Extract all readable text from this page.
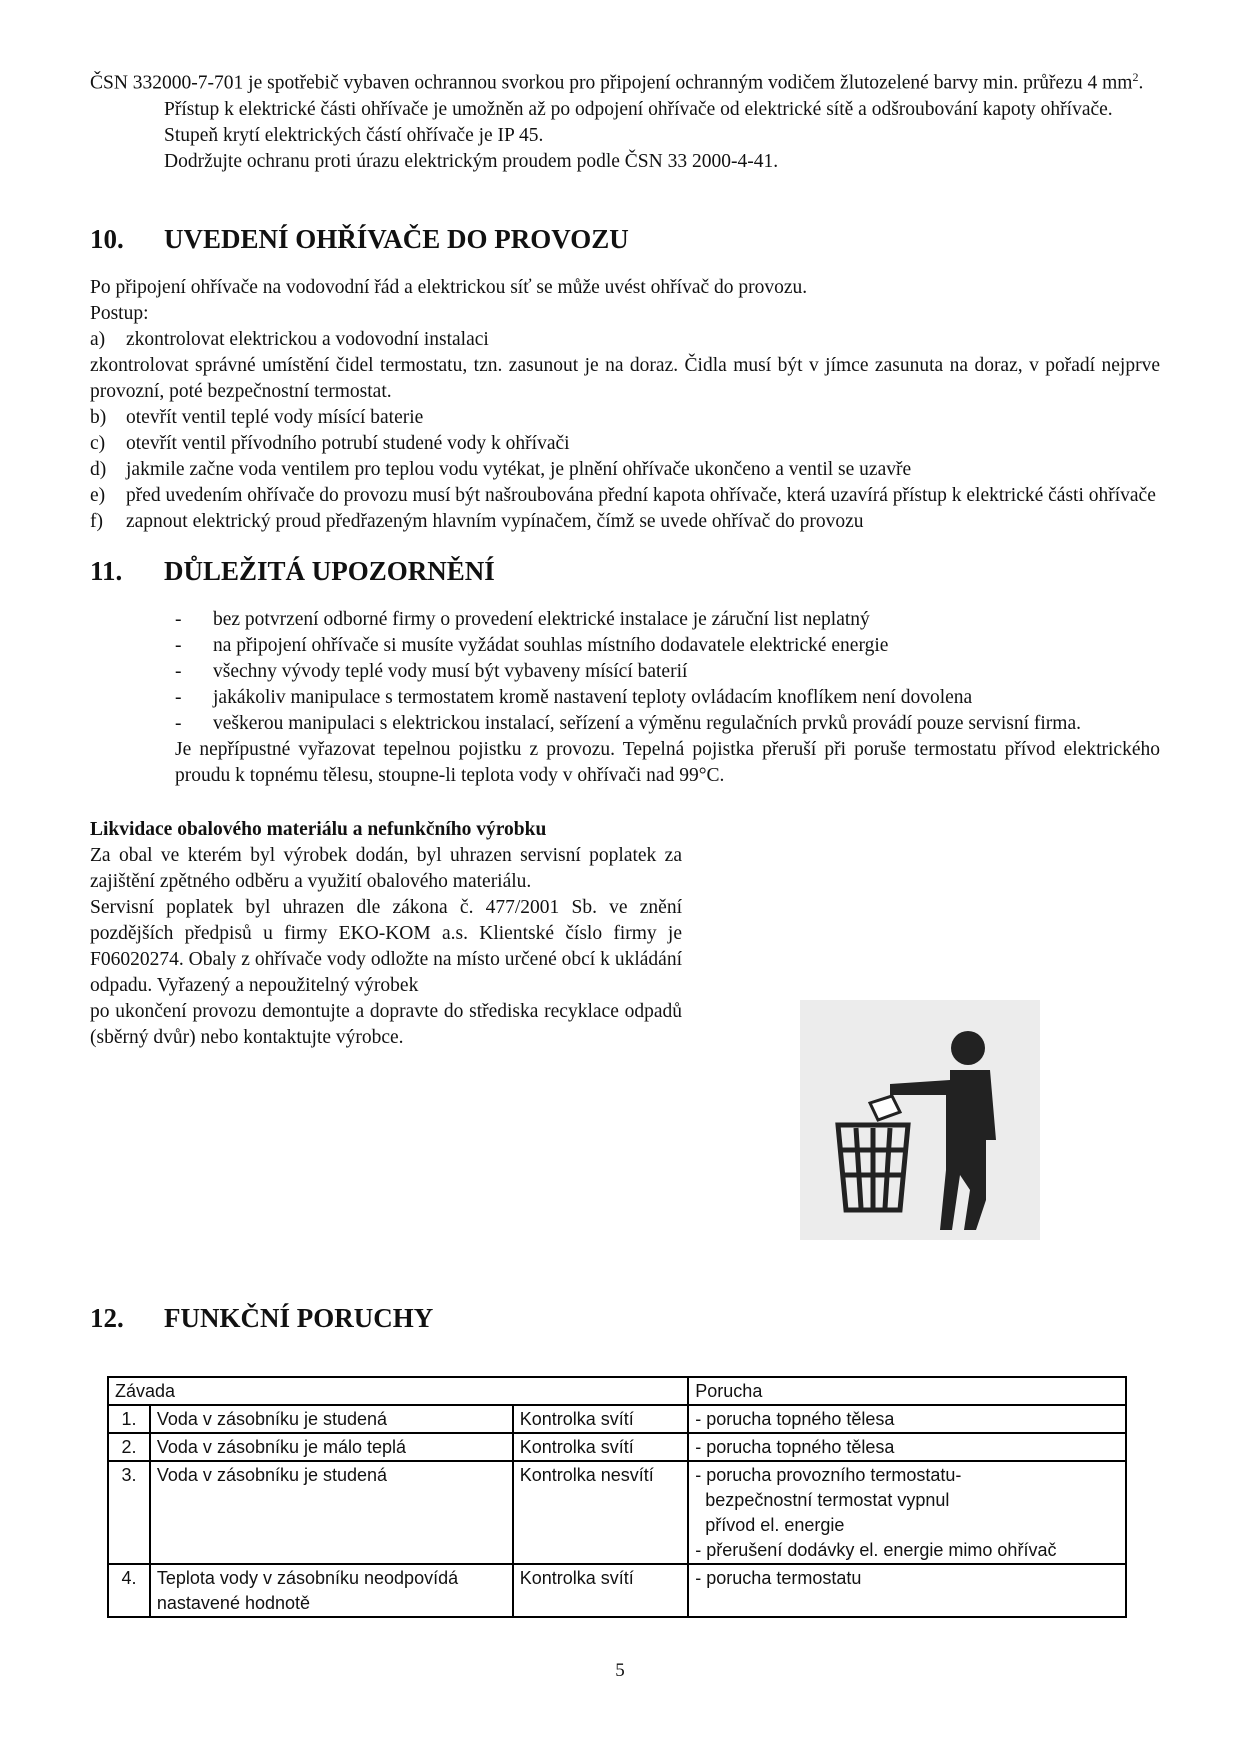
ČSN 332000-7-701 je spotřebič vybaven ochrannou svorkou pro připojení ochranným vodičem žlutozelené barvy min. průřezu 4 $mm^2$.

Přístup k elektrické části ohřívače je umožněn až po odpojení ohřívače od elektrické sítě a odšroubování kapoty ohřívače.

Stupeň krytí elektrických částí ohřívače je IP 45.

Dodržujte ochranu proti úrazu elektrickým proudem podle ČSN 33 2000-4-41.

10.	UVEDENÍ OHŘÍVAČE DO PROVOZU

Po připojení ohřívače na vodovodní řád a elektrickou síť se může uvést ohřívač do provozu.

Postup:

a)	zkontrolovat elektrickou a vodovodní instalaci

zkontrolovat správné umístění čidel termostatu, tzn. zasunout je na doraz. Čidla musí být v jímce zasunuta na doraz, v pořadí nejprve provozní, poté bezpečnostní termostat.

b)	otevřít ventil teplé vody mísící baterie
c)	otevřít ventil přívodního potrubí studené vody k ohřívači
d)	jakmile začne voda ventilem pro teplou vodu vytékat, je plnění ohřívače ukončeno a ventil se uzavře
e)	před uvedením ohřívače do provozu musí být našroubována přední kapota ohřívače, která uzavírá přístup k elektrické části ohřívače
f)	zapnout elektrický proud předřazeným hlavním vypínačem, čímž se uvede ohřívač do provozu
11.	DŮLEŽITÁ UPOZORNĚNÍ
-	bez potvrzení odborné firmy o provedení elektrické instalace je záruční list neplatný
-	na připojení ohřívače si musíte vyžádat souhlas místního dodavatele elektrické energie
-	všechny vývody teplé vody musí být vybaveny mísící baterií
-	jakákoliv manipulace s termostatem kromě nastavení teploty ovládacím knoflíkem není dovolena
-	veškerou manipulaci s elektrickou instalací, seřízení a výměnu regulačních prvků provádí pouze servisní firma.

Je nepřípustné vyřazovat tepelnou pojistku z provozu. Tepelná pojistka přeruší při poruše termostatu přívod elektrického proudu k topnému tělesu, stoupne-li teplota vody v ohřívači nad 99°C.

Likvidace obalového materiálu a nefunkčního výrobku

Za obal ve kterém byl výrobek dodán, byl uhrazen servisní poplatek za zajištění zpětného odběru a využití obalového materiálu.

Servisní poplatek byl uhrazen dle zákona č. 477/2001 Sb. ve znění pozdějších předpisů u firmy EKO-KOM a.s. Klientské číslo firmy je F06020274. Obaly z ohřívače vody odložte na místo určené obcí k ukládání odpadu. Vyřazený a nepoužitelný výrobek

po ukončení provozu demontujte a dopravte do střediska recyklace odpadů (sběrný dvůr) nebo kontaktujte výrobce.

12.	FUNKČNÍ PORUCHY
Závada			Porucha
1.	Voda v zásobníku je studená	Kontrolka svítí	- porucha topného tělesa
2.	Voda v zásobníku je málo teplá	Kontrolka svítí	- porucha topného tělesa
3.	Voda v zásobníku je studená	Kontrolka nesvítí	- porucha provozního termostatu-
bezpečnostní termostat vypnul
přívod el. energie
- přerušení dodávky el. energie mimo ohřívač

4.	Teplota vody v zásobníku neodpovídá nastavené hodnotě	Kontrolka svítí	- porucha termostatu
5
